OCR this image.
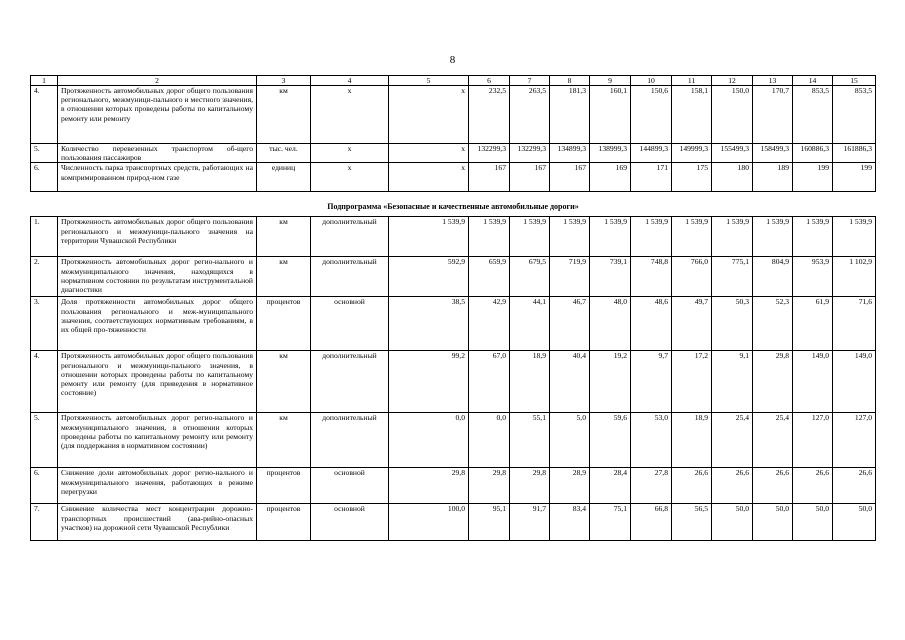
8
1	2	3	4	5	6	7	8	9	10	11	12	13	14	15
4.	Протяженность автомобильных дорог общего пользования регионального, межмуници-пального и местного значения, в отношении которых проведены работы по капитальному ремонту или ремонту	км	х	х	232,5	263,5	181,3	160,1	150,6	158,1	150,0	170,7	853,5	853,5
5.	Количество перевезенных транспортом об-щего пользования пассажиров	тыс. чел.	х	х	132299,3	132299,3	134899,3	138999,3	144899,3	149999,3	155499,3	158499,3	160886,3	161886,3
6.	Численность парка транспортных средств, работающих на компримированном природ-ном газе	единиц	х	х	167	167	167	169	171	175	180	189	199	199

Подпрограмма «Безопасные и качественные автомобильные дороги»														
1.	Протяженность автомобильных дорог общего пользования регионального и межмуници-пального значения на территории Чувашской Республики	км	дополнительный	1 539,9	1 539,9	1 539,9	1 539,9	1 539,9	1 539,9	1 539,9	1 539,9	1 539,9	1 539,9	1 539,9
2.	Протяженность автомобильных дорог регио-нального и межмуниципального значения, находящихся в нормативном состоянии по результатам инструментальной диагностики	км	дополнительный	592,9	659,9	679,5	719,9	739,1	748,8	766,0	775,1	804,9	953,9	1 102,9
3.	Доля протяженности автомобильных дорог общего пользования регионального и меж-муниципального значения, соответствующих нормативным требованиям, в их общей про-тяженности	процентов	основной	38,5	42,9	44,1	46,7	48,0	48,6	49,7	50,3	52,3	61,9	71,6
4.	Протяженность автомобильных дорог общего пользования регионального и межмуници-пального значения, в отношении которых проведены работы по капитальному ремонту или ремонту (для приведения в нормативное состояние)	км	дополнительный	99,2	67,0	18,9	40,4	19,2	9,7	17,2	9,1	29,8	149,0	149,0
5.	Протяженность автомобильных дорог регио-нального и межмуниципального значения, в отношении которых проведены работы по капитальному ремонту или ремонту (для поддержания в нормативном состоянии)	км	дополнительный	0,0	0,0	55,1	5,0	59,6	53,0	18,9	25,4	25,4	127,0	127,0
6.	Снижение доли автомобильных дорог регио-нального и межмуниципального значения, работающих в режиме перегрузки	процентов	основной	29,8	29,8	29,8	28,9	28,4	27,8	26,6	26,6	26,6	26,6	26,6
7.	Снижение количества мест концентрации дорожно-транспортных происшествий (ава-рийно-опасных участков) на дорожной сети Чувашской Республики	процентов	основной	100,0	95,1	91,7	83,4	75,1	66,8	56,5	50,0	50,0	50,0	50,0
